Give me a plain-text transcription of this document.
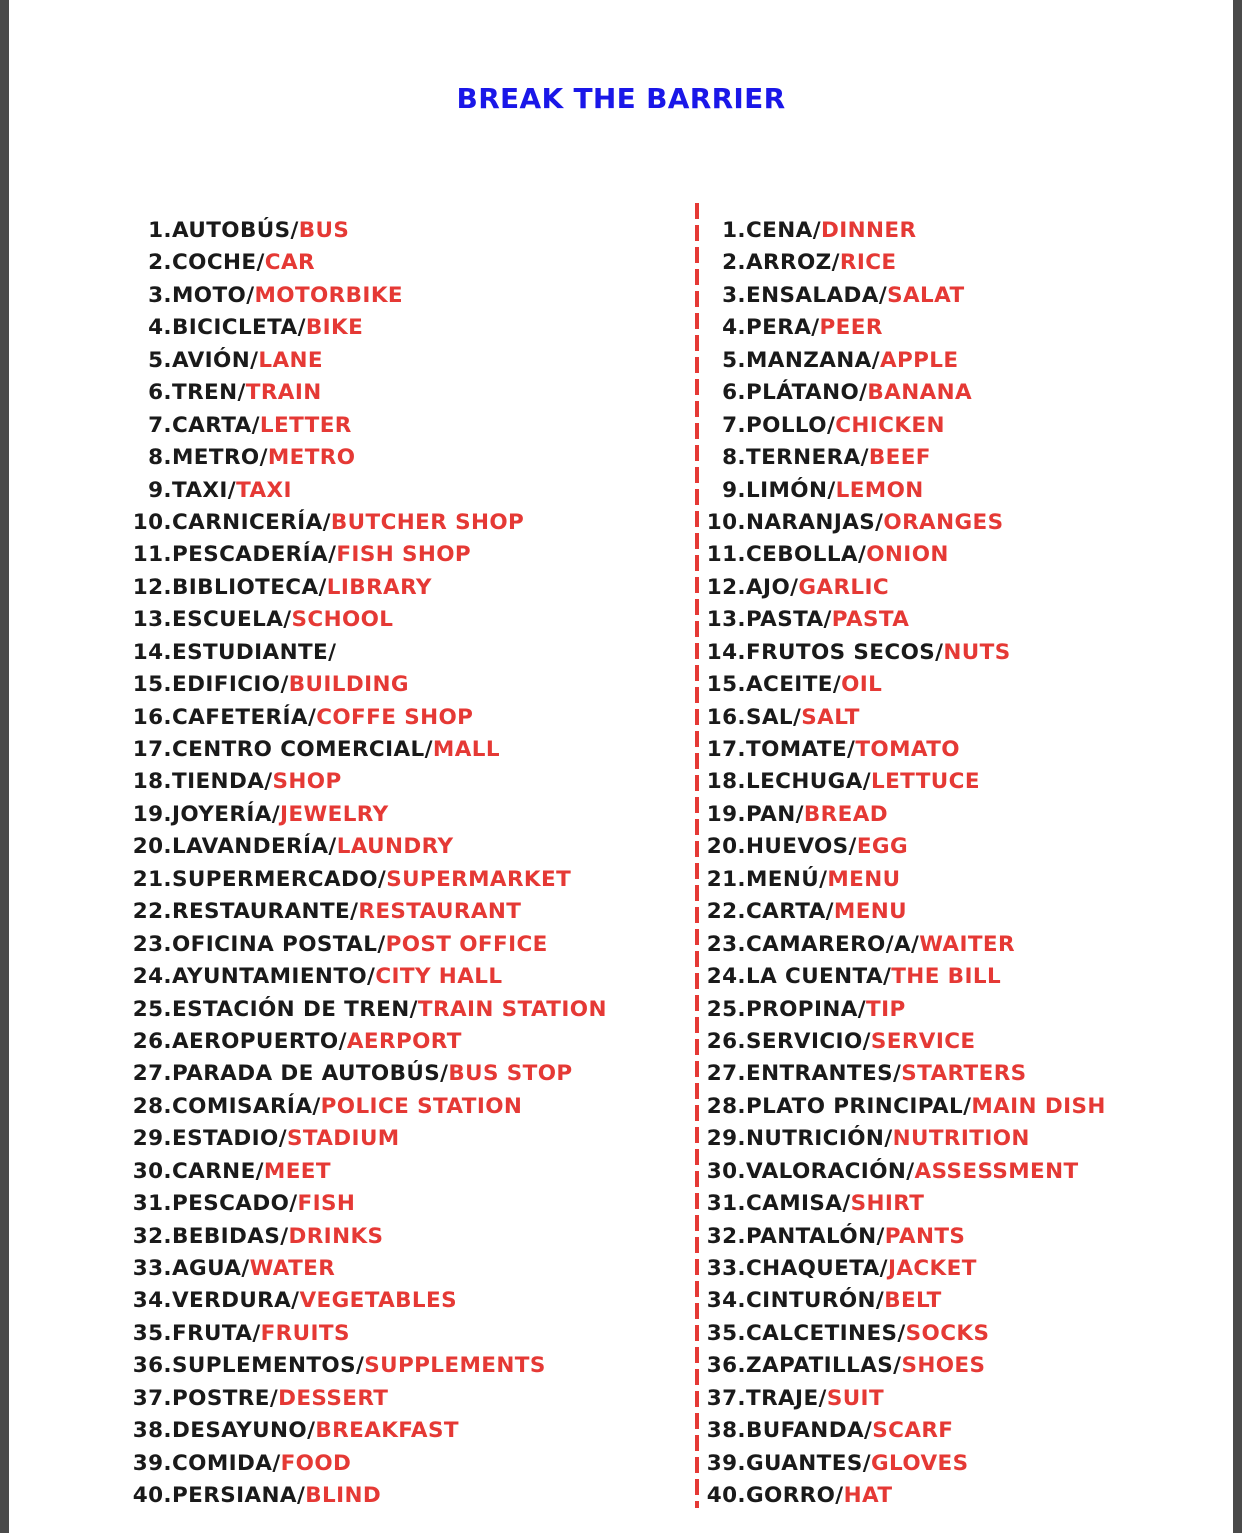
BREAK THE BARRIER
1.AUTOBÚS/BUS
2.COCHE/CAR
3.MOTO/MOTORBIKE
4.BICICLETA/BIKE
5.AVIÓN/LANE
6.TREN/TRAIN
7.CARTA/LETTER
8.METRO/METRO
9.TAXI/TAXI
10.CARNICERÍA/BUTCHER SHOP
11.PESCADERÍA/FISH SHOP
12.BIBLIOTECA/LIBRARY
13.ESCUELA/SCHOOL
14.ESTUDIANTE/
15.EDIFICIO/BUILDING
16.CAFETERÍA/COFFE SHOP
17.CENTRO COMERCIAL/MALL
18.TIENDA/SHOP
19.JOYERÍA/JEWELRY
20.LAVANDERÍA/LAUNDRY
21.SUPERMERCADO/SUPERMARKET
22.RESTAURANTE/RESTAURANT
23.OFICINA POSTAL/POST OFFICE
24.AYUNTAMIENTO/CITY HALL
25.ESTACIÓN DE TREN/TRAIN STATION
26.AEROPUERTO/AERPORT
27.PARADA DE AUTOBÚS/BUS STOP
28.COMISARÍA/POLICE STATION
29.ESTADIO/STADIUM
30.CARNE/MEET
31.PESCADO/FISH
32.BEBIDAS/DRINKS
33.AGUA/WATER
34.VERDURA/VEGETABLES
35.FRUTA/FRUITS
36.SUPLEMENTOS/SUPPLEMENTS
37.POSTRE/DESSERT
38.DESAYUNO/BREAKFAST
39.COMIDA/FOOD
40.PERSIANA/BLIND
1.CENA/DINNER
2.ARROZ/RICE
3.ENSALADA/SALAT
4.PERA/PEER
5.MANZANA/APPLE
6.PLÁTANO/BANANA
7.POLLO/CHICKEN
8.TERNERA/BEEF
9.LIMÓN/LEMON
10.NARANJAS/ORANGES
11.CEBOLLA/ONION
12.AJO/GARLIC
13.PASTA/PASTA
14.FRUTOS SECOS/NUTS
15.ACEITE/OIL
16.SAL/SALT
17.TOMATE/TOMATO
18.LECHUGA/LETTUCE
19.PAN/BREAD
20.HUEVOS/EGG
21.MENÚ/MENU
22.CARTA/MENU
23.CAMARERO/A/WAITER
24.LA CUENTA/THE BILL
25.PROPINA/TIP
26.SERVICIO/SERVICE
27.ENTRANTES/STARTERS
28.PLATO PRINCIPAL/MAIN DISH
29.NUTRICIÓN/NUTRITION
30.VALORACIÓN/ASSESSMENT
31.CAMISA/SHIRT
32.PANTALÓN/PANTS
33.CHAQUETA/JACKET
34.CINTURÓN/BELT
35.CALCETINES/SOCKS
36.ZAPATILLAS/SHOES
37.TRAJE/SUIT
38.BUFANDA/SCARF
39.GUANTES/GLOVES
40.GORRO/HAT
